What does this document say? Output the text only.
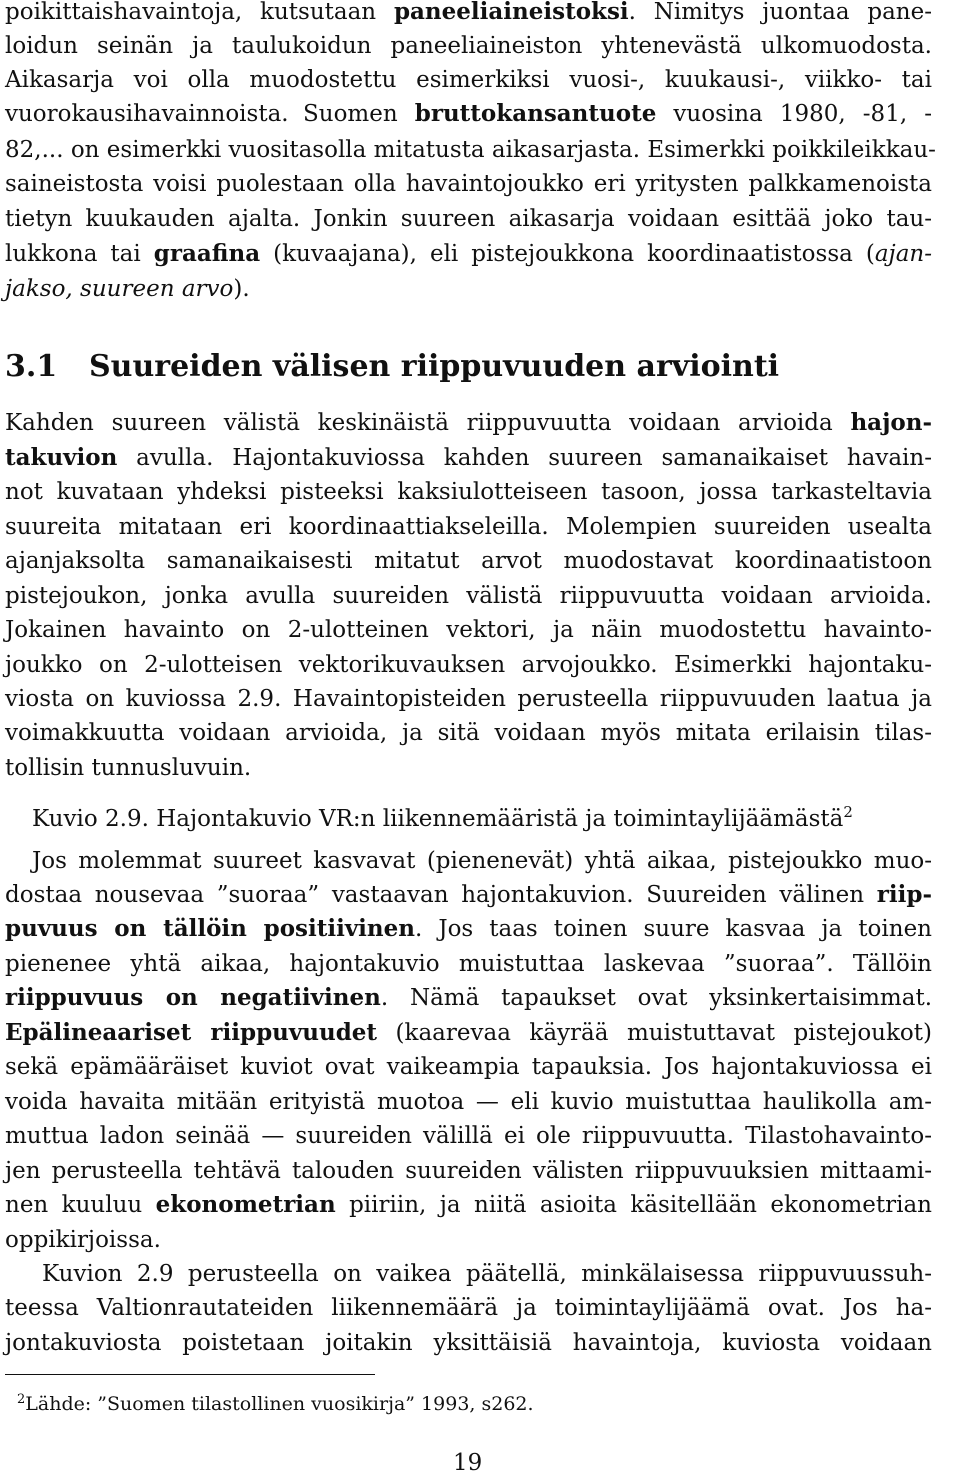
poikittaishavaintoja, kutsutaan paneeliaineistoksi. Nimitys juontaa pane-
loidun seinän ja taulukoidun paneeliaineiston yhtenevästä ulkomuodosta.
Aikasarja voi olla muodostettu esimerkiksi vuosi-, kuukausi-, viikko- tai
vuorokausihavainnoista. Suomen bruttokansantuote vuosina 1980, -81, -
82,... on esimerkki vuositasolla mitatusta aikasarjasta. Esimerkki poikkileikkau-
saineistosta voisi puolestaan olla havaintojoukko eri yritysten palkkamenoista
tietyn kuukauden ajalta. Jonkin suureen aikasarja voidaan esittää joko tau-
lukkona tai graafina (kuvaajana), eli pistejoukkona koordinaatistossa (ajan-
jakso, suureen arvo).
3.1 Suureiden välisen riippuvuuden arviointi
Kahden suureen välistä keskinäistä riippuvuutta voidaan arvioida hajon-
takuvion avulla. Hajontakuviossa kahden suureen samanaikaiset havain-
not kuvataan yhdeksi pisteeksi kaksiulotteiseen tasoon, jossa tarkasteltavia
suureita mitataan eri koordinaattiakseleilla. Molempien suureiden usealta
ajanjaksolta samanaikaisesti mitatut arvot muodostavat koordinaatistoon
pistejoukon, jonka avulla suureiden välistä riippuvuutta voidaan arvioida.
Jokainen havainto on 2-ulotteinen vektori, ja näin muodostettu havainto-
joukko on 2-ulotteisen vektorikuvauksen arvojoukko. Esimerkki hajontaku-
viosta on kuviossa 2.9. Havaintopisteiden perusteella riippuvuuden laatua ja
voimakkuutta voidaan arvioida, ja sitä voidaan myös mitata erilaisin tilas-
tollisin tunnusluvuin.
Kuvio 2.9. Hajontakuvio VR:n liikennemääristä ja toimintaylijäämästä$^2$
Jos molemmat suureet kasvavat (pienenevät) yhtä aikaa, pistejoukko muo-
dostaa nousevaa ”suoraa” vastaavan hajontakuvion. Suureiden välinen riip-
puvuus on tällöin positiivinen. Jos taas toinen suure kasvaa ja toinen
pienenee yhtä aikaa, hajontakuvio muistuttaa laskevaa ”suoraa”. Tällöin
riippuvuus on negatiivinen. Nämä tapaukset ovat yksinkertaisimmat.
Epälineaariset riippuvuudet (kaarevaa käyrää muistuttavat pistejoukot)
sekä epämääräiset kuviot ovat vaikeampia tapauksia. Jos hajontakuviossa ei
voida havaita mitään erityistä muotoa — eli kuvio muistuttaa haulikolla am-
muttua ladon seinää — suureiden välillä ei ole riippuvuutta. Tilastohavainto-
jen perusteella tehtävä talouden suureiden välisten riippuvuuksien mittaami-
nen kuuluu ekonometrian piiriin, ja niitä asioita käsitellään ekonometrian
oppikirjoissa.
Kuvion 2.9 perusteella on vaikea päätellä, minkälaisessa riippuvuussuh-
teessa Valtionrautateiden liikennemäärä ja toimintaylijäämä ovat. Jos ha-
jontakuviosta poistetaan joitakin yksittäisiä havaintoja, kuviosta voidaan
$^2$Lähde: ”Suomen tilastollinen vuosikirja” 1993, s262.
19
